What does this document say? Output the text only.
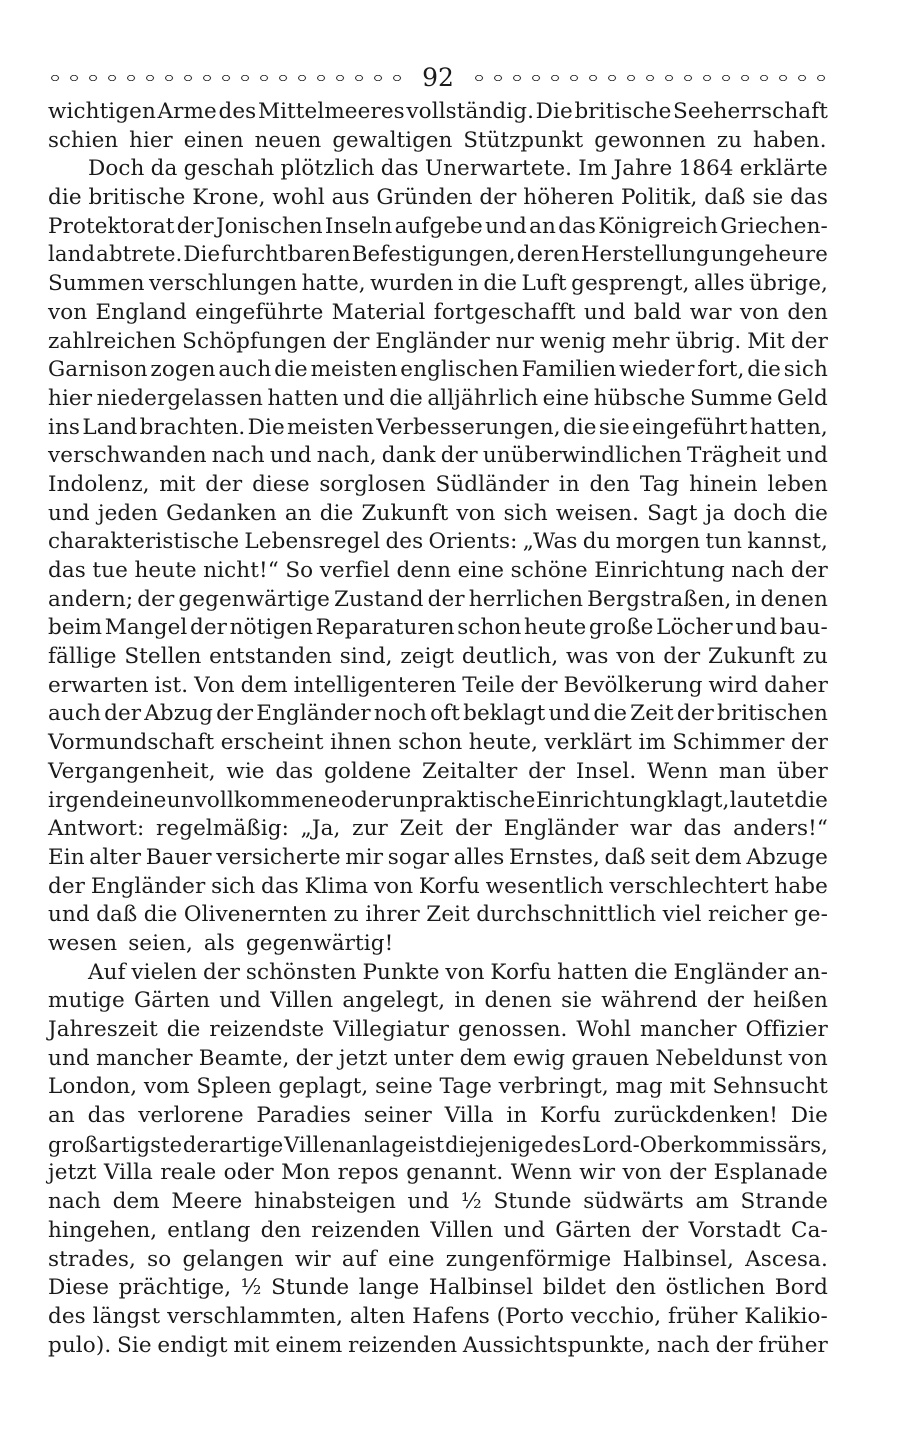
92
wichtigen Arme des Mittelmeeres vollständig. Die britische Seeherrschaft
schien hier einen neuen gewaltigen Stützpunkt gewonnen zu haben.
Doch da geschah plötzlich das Unerwartete. Im Jahre 1864 erklärte
die britische Krone, wohl aus Gründen der höheren Politik, daß sie das
Protektorat der Jonischen Inseln aufgebe und an das Königreich Griechen-
land abtrete. Die furchtbaren Befestigungen, deren Herstellung ungeheure
Summen verschlungen hatte, wurden in die Luft gesprengt, alles übrige,
von England eingeführte Material fortgeschafft und bald war von den
zahlreichen Schöpfungen der Engländer nur wenig mehr übrig. Mit der
Garnison zogen auch die meisten englischen Familien wieder fort, die sich
hier niedergelassen hatten und die alljährlich eine hübsche Summe Geld
ins Land brachten. Die meisten Verbesserungen, die sie eingeführt hatten,
verschwanden nach und nach, dank der unüberwindlichen Trägheit und
Indolenz, mit der diese sorglosen Südländer in den Tag hinein leben
und jeden Gedanken an die Zukunft von sich weisen. Sagt ja doch die
charakteristische Lebensregel des Orients: „Was du morgen tun kannst,
das tue heute nicht!“ So verfiel denn eine schöne Einrichtung nach der
andern; der gegenwärtige Zustand der herrlichen Bergstraßen, in denen
beim Mangel der nötigen Reparaturen schon heute große Löcher und bau-
fällige Stellen entstanden sind, zeigt deutlich, was von der Zukunft zu
erwarten ist. Von dem intelligenteren Teile der Bevölkerung wird daher
auch der Abzug der Engländer noch oft beklagt und die Zeit der britischen
Vormundschaft erscheint ihnen schon heute, verklärt im Schimmer der
Vergangenheit, wie das goldene Zeitalter der Insel. Wenn man über
irgendeine unvollkommene oder unpraktische Einrichtung klagt, lautet die
Antwort: regelmäßig: „Ja, zur Zeit der Engländer war das anders!“
Ein alter Bauer versicherte mir sogar alles Ernstes, daß seit dem Abzuge
der Engländer sich das Klima von Korfu wesentlich verschlechtert habe
und daß die Olivenernten zu ihrer Zeit durchschnittlich viel reicher ge-
wesen seien, als gegenwärtig!
Auf vielen der schönsten Punkte von Korfu hatten die Engländer an-
mutige Gärten und Villen angelegt, in denen sie während der heißen
Jahreszeit die reizendste Villegiatur genossen. Wohl mancher Offizier
und mancher Beamte, der jetzt unter dem ewig grauen Nebeldunst von
London, vom Spleen geplagt, seine Tage verbringt, mag mit Sehnsucht
an das verlorene Paradies seiner Villa in Korfu zurückdenken! Die
großartigste derartige Villenanlage ist diejenige des Lord-Oberkommissärs,
jetzt Villa reale oder Mon repos genannt. Wenn wir von der Esplanade
nach dem Meere hinabsteigen und ½ Stunde südwärts am Strande
hingehen, entlang den reizenden Villen und Gärten der Vorstadt Ca-
strades, so gelangen wir auf eine zungenförmige Halbinsel, Ascesa.
Diese prächtige, ½ Stunde lange Halbinsel bildet den östlichen Bord
des längst verschlammten, alten Hafens (Porto vecchio, früher Kalikio-
pulo). Sie endigt mit einem reizenden Aussichtspunkte, nach der früher
